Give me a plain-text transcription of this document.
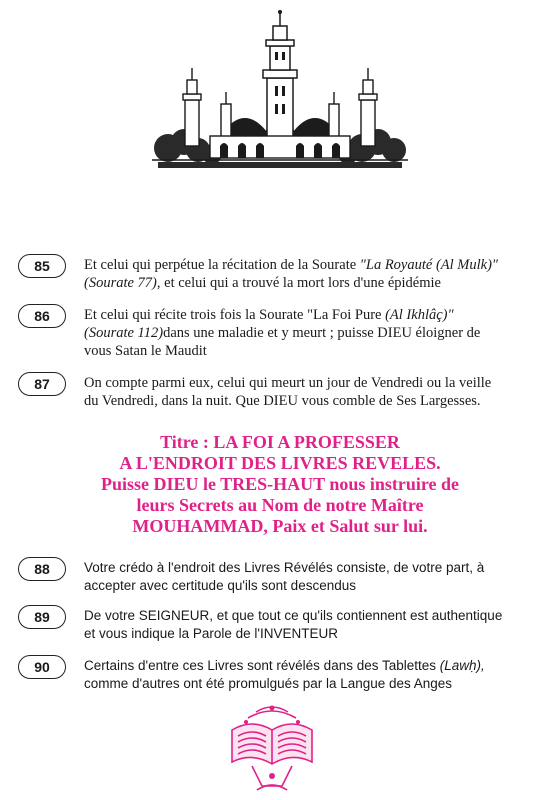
85	Et celui qui perpétue la récitation de la Sourate "La Royauté (Al Mulk)"
(Sourate 77), et celui qui a trouvé la mort lors d'une épidémie
86	Et celui qui récite trois fois la Sourate "La Foi Pure (Al Ikhlâç)"
(Sourate 112)dans une maladie et y meurt ; puisse DIEU éloigner de
vous Satan le Maudit
87	On compte parmi eux, celui qui meurt un jour de Vendredi ou la veille
du Vendredi, dans la nuit. Que DIEU vous comble de Ses Largesses.
Titre : LA FOI A PROFESSER
A L'ENDROIT DES LIVRES REVELES.
Puisse DIEU le TRES-HAUT nous instruire de
leurs Secrets au Nom de notre Maître
MOUHAMMAD, Paix et Salut sur lui.
88	Votre crédo à l'endroit des Livres Révélés consiste, de votre part, à
accepter avec certitude qu'ils sont descendus
89	De votre SEIGNEUR, et que tout ce qu'ils contiennent est authentique
et vous indique la Parole de l'INVENTEUR
90	Certains d'entre ces Livres sont révélés dans des Tablettes (Lawḥ),
comme d'autres ont été promulgués par la Langue des Anges
